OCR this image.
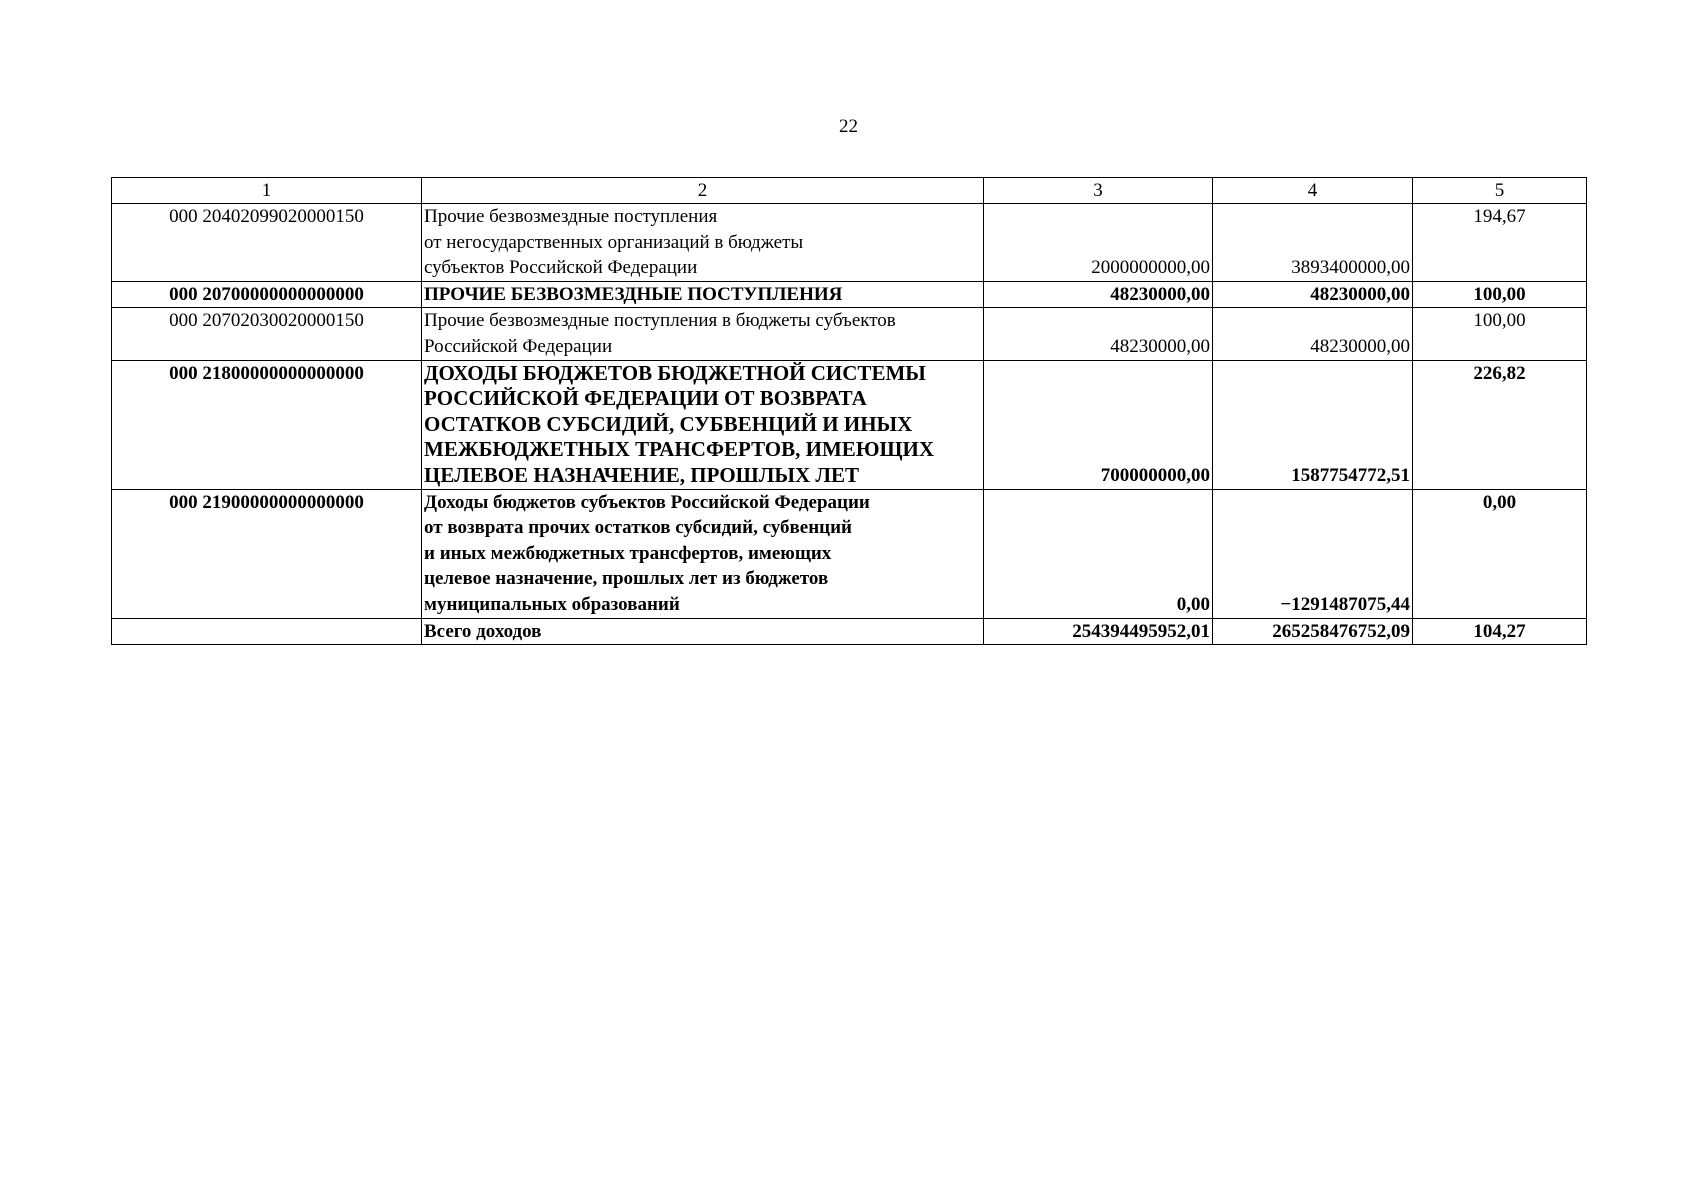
22
1	2	3	4	5
000 20402099020000150	Прочие безвозмездные поступления
от негосударственных организаций в бюджеты
субъектов Российской Федерации	2000000000,00	3893400000,00	194,67
000 20700000000000000	ПРОЧИЕ БЕЗВОЗМЕЗДНЫЕ ПОСТУПЛЕНИЯ	48230000,00	48230000,00	100,00
000 20702030020000150	Прочие безвозмездные поступления в бюджеты субъектов
Российской Федерации	48230000,00	48230000,00	100,00
000 21800000000000000	ДОХОДЫ БЮДЖЕТОВ БЮДЖЕТНОЙ СИСТЕМЫ
РОССИЙСКОЙ ФЕДЕРАЦИИ ОТ ВОЗВРАТА
ОСТАТКОВ СУБСИДИЙ, СУБВЕНЦИЙ И ИНЫХ
МЕЖБЮДЖЕТНЫХ ТРАНСФЕРТОВ, ИМЕЮЩИХ
ЦЕЛЕВОЕ НАЗНАЧЕНИЕ, ПРОШЛЫХ ЛЕТ	700000000,00	1587754772,51	226,82
000 21900000000000000	Доходы бюджетов субъектов Российской Федерации
от возврата прочих остатков субсидий, субвенций
и иных межбюджетных трансфертов, имеющих
целевое назначение, прошлых лет из бюджетов
муниципальных образований	0,00	−1291487075,44	0,00

	Всего доходов	254394495952,01	265258476752,09	104,27
